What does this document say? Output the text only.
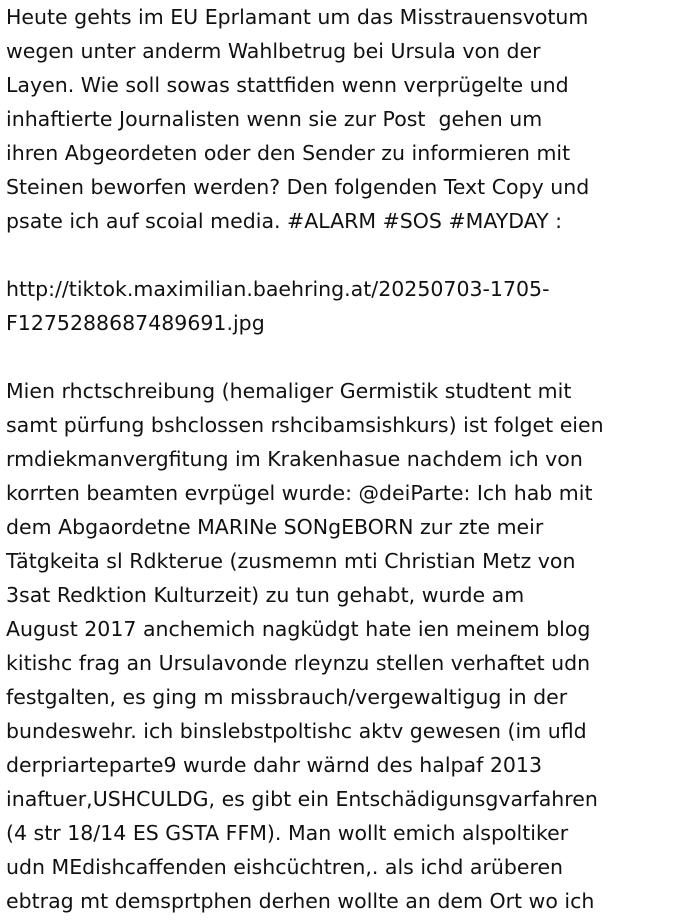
Heute gehts im EU Eprlamant um das Misstrauensvotum
wegen unter anderm Wahlbetrug bei Ursula von der
Layen. Wie soll sowas stattfiden wenn verprügelte und
inhaftierte Journalisten wenn sie zur Post  gehen um
ihren Abgeordeten oder den Sender zu informieren mit
Steinen beworfen werden? Den folgenden Text Copy und
psate ich auf scoial media. #ALARM #SOS #MAYDAY :
http://tiktok.maximilian.baehring.at/20250703-1705-
F1275288687489691.jpg
Mien rhctschreibung (hemaliger Germistik studtent mit
samt pürfung bshclossen rshcibamsishkurs) ist folget eien
rmdiekmanvergfitung im Krakenhasue nachdem ich von
korrten beamten evrpügel wurde: @deiParte: Ich hab mit
dem Abgaordetne MARINe SONgEBORN zur zte meir
Tätgkeita sl Rdkterue (zusmemn mti Christian Metz von
3sat Redktion Kulturzeit) zu tun gehabt, wurde am
August 2017 anchemich nagküdgt hate ien meinem blog
kitishc frag an Ursulavonde rleynzu stellen verhaftet udn
festgalten, es ging m missbrauch/vergewaltigug in der
bundeswehr. ich binslebstpoltishc aktv gewesen (im ufld
derpriarteparte9 wurde dahr wärnd des halpaf 2013
inaftuer,USHCULDG, es gibt ein Entschädigunsgvarfahren
(4 str 18/14 ES GSTA FFM). Man wollt emich alspoltiker
udn MEdishcaffenden eishcüchtren,. als ichd arüberen
ebtrag mt demsprtphen derhen wollte an dem Ort wo ich
